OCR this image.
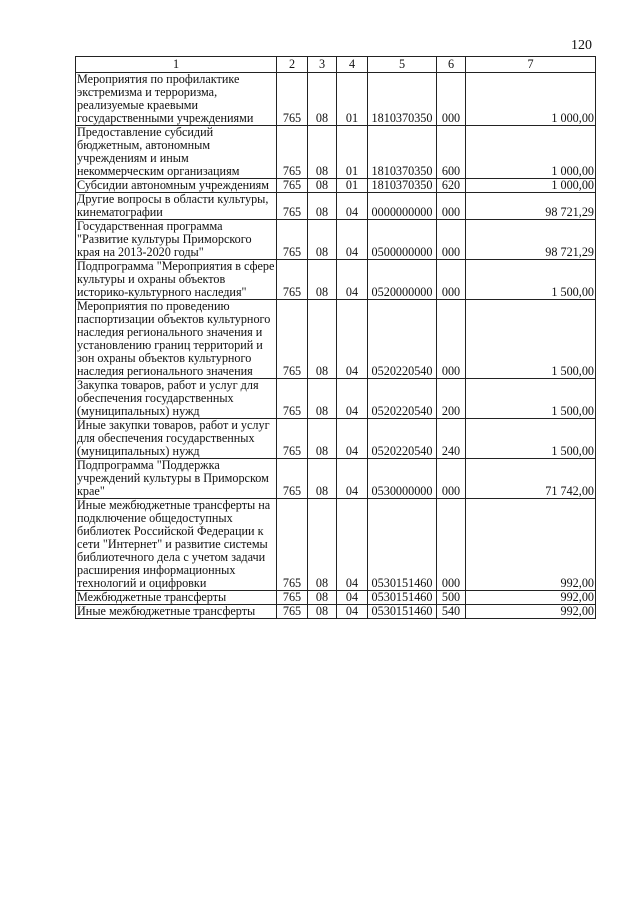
120
1	2	3	4	5	6	7
Мероприятия по профилактике экстремизма и терроризма, реализуемые краевыми государственными учреждениями	765	08	01	1810370350	000	1 000,00
Предоставление субсидий бюджетным, автономным учреждениям и иным некоммерческим организациям	765	08	01	1810370350	600	1 000,00
Субсидии автономным учреждениям	765	08	01	1810370350	620	1 000,00
Другие вопросы в области культуры, кинематографии	765	08	04	0000000000	000	98 721,29
Государственная программа "Развитие культуры Приморского края на 2013-2020 годы"	765	08	04	0500000000	000	98 721,29
Подпрограмма "Мероприятия в сфере культуры и охраны объектов историко-культурного наследия"	765	08	04	0520000000	000	1 500,00
Мероприятия по проведению паспортизации объектов культурного наследия регионального значения и установлению границ территорий и зон охраны объектов культурного наследия регионального значения	765	08	04	0520220540	000	1 500,00
Закупка товаров, работ и услуг для обеспечения государственных (муниципальных) нужд	765	08	04	0520220540	200	1 500,00
Иные закупки товаров, работ и услуг для обеспечения государственных (муниципальных) нужд	765	08	04	0520220540	240	1 500,00
Подпрограмма "Поддержка учреждений культуры в Приморском крае"	765	08	04	0530000000	000	71 742,00
Иные межбюджетные трансферты на подключение общедоступных библиотек Российской Федерации к сети "Интернет" и развитие системы библиотечного дела с учетом задачи расширения информационных технологий и оцифровки	765	08	04	0530151460	000	992,00
Межбюджетные трансферты	765	08	04	0530151460	500	992,00
Иные межбюджетные трансферты	765	08	04	0530151460	540	992,00
